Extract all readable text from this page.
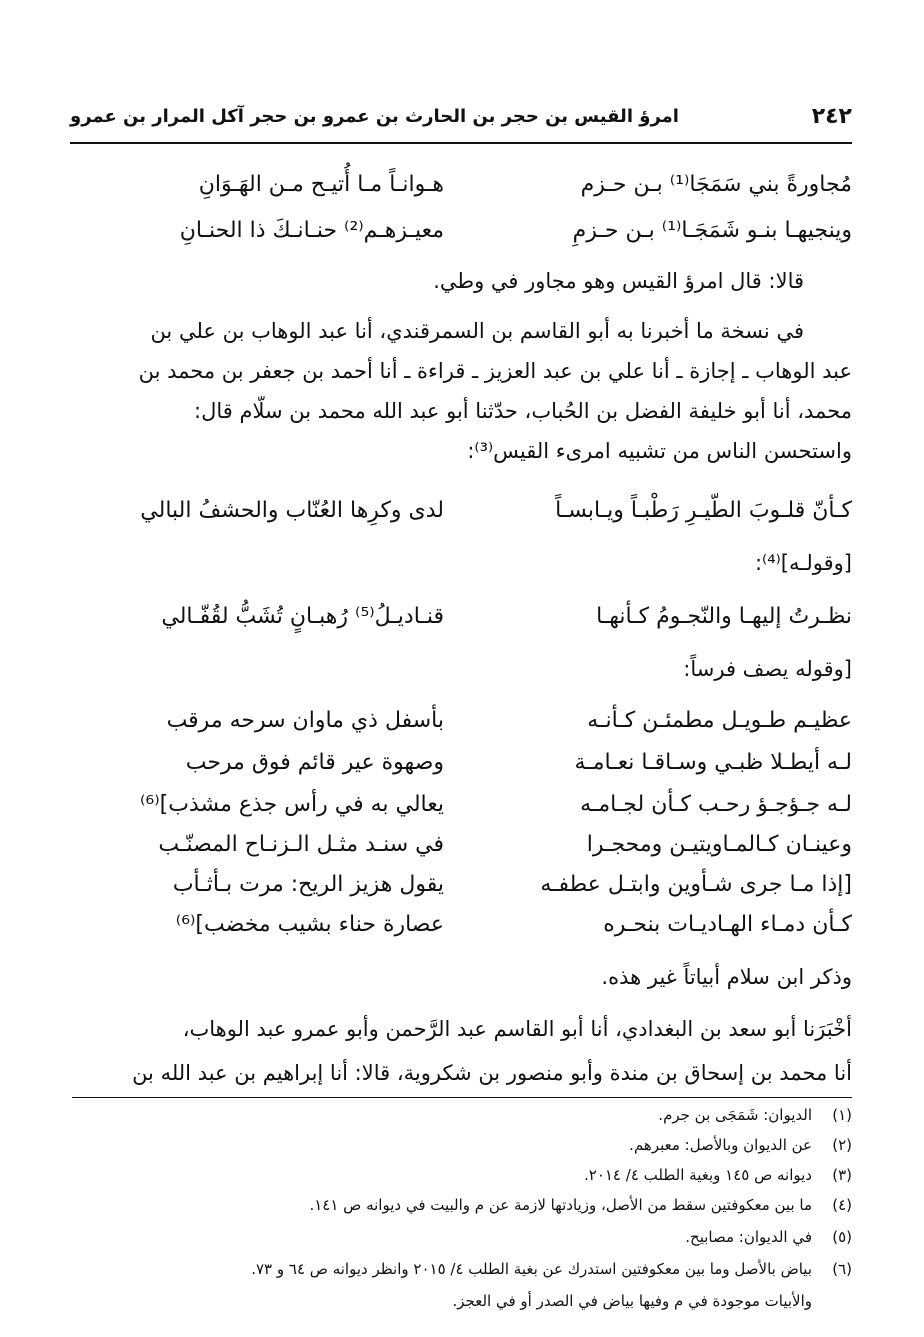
٢٤٢
امرؤ القيس بن حجر بن الحارث بن عمرو بن حجر آكل المرار بن عمرو
مُجاورةً بني سَمَجَا⁽¹⁾ بـن حـزم
هـوانـاً مـا أُتيـح مـن الهَـوَانِ
وينجيهـا بنـو شَمَجَـا⁽¹⁾ بـن حـزمِ
معيـزهـم⁽²⁾ حنـانـكَ ذا الحنـانِ
قالا: قال امرؤ القيس وهو مجاور في وطي.
في نسخة ما أخبرنا به أبو القاسم بن السمرقندي، أنا عبد الوهاب بن علي بن
عبد الوهاب ـ إجازة ـ أنا علي بن عبد العزيز ـ قراءة ـ أنا أحمد بن جعفر بن محمد بن
محمد، أنا أبو خليفة الفضل بن الحُباب، حدّثنا أبو عبد الله محمد بن سلّام قال:
واستحسن الناس من تشبيه امرىء القيس⁽³⁾:
كـأنّ قلـوبَ الطّيـرِ رَطْبـاً ويـابسـاً
لدى وكرِها العُنّاب والحشفُ البالي
[وقولـه]⁽⁴⁾:
نظـرتُ إليهـا والنّجـومُ كـأنهـا
قنـاديـلُ⁽⁵⁾ رُهبـانٍ تُشَبُّ لقُفّـالي
[وقوله يصف فرساً:
عظيـم طـويـل مطمئـن كـأنـه
بأسفل ذي ماوان سرحه مرقب
لـه أيطـلا ظبـي وسـاقـا نعـامـة
وصهوة عير قائم فوق مرحب
لـه جـؤجـؤ رحـب كـأن لجـامـه
يعالي به في رأس جذع مشذب]⁽⁶⁾
وعينـان كـالمـاويتيـن ومحجـرا
في سنـد مثـل الـزنـاح المصنّـب
[إذا مـا جرى شـأوين وابتـل عطفـه
يقول هزيز الريح: مرت بـأثـأب
كـأن دمـاء الهـاديـات بنحـره
عصارة حناء بشيب مخضب]⁽⁶⁾
وذكر ابن سلام أبياتاً غير هذه.
أخْبَرَنا أبو سعد بن البغدادي، أنا أبو القاسم عبد الرَّحمن وأبو عمرو عبد الوهاب،
أنا محمد بن إسحاق بن مندة وأبو منصور بن شكروية، قالا: أنا إبراهيم بن عبد الله بن
(١)الديوان: شَمَجَى بن جرم.
(٢)عن الديوان وبالأصل: معبرهم.
(٣)ديوانه ص ١٤٥ وبغية الطلب ٤/ ٢٠١٤.
(٤)ما بين معكوفتين سقط من الأصل، وزيادتها لازمة عن م والبيت في ديوانه ص ١٤١.
(٥)في الديوان: مصابيح.
(٦)بياض بالأصل وما بين معكوفتين استدرك عن بغية الطلب ٤/ ٢٠١٥ وانظر ديوانه ص ٦٤ و ٧٣.
والأبيات موجودة في م وفيها بياض في الصدر أو في العجز.
